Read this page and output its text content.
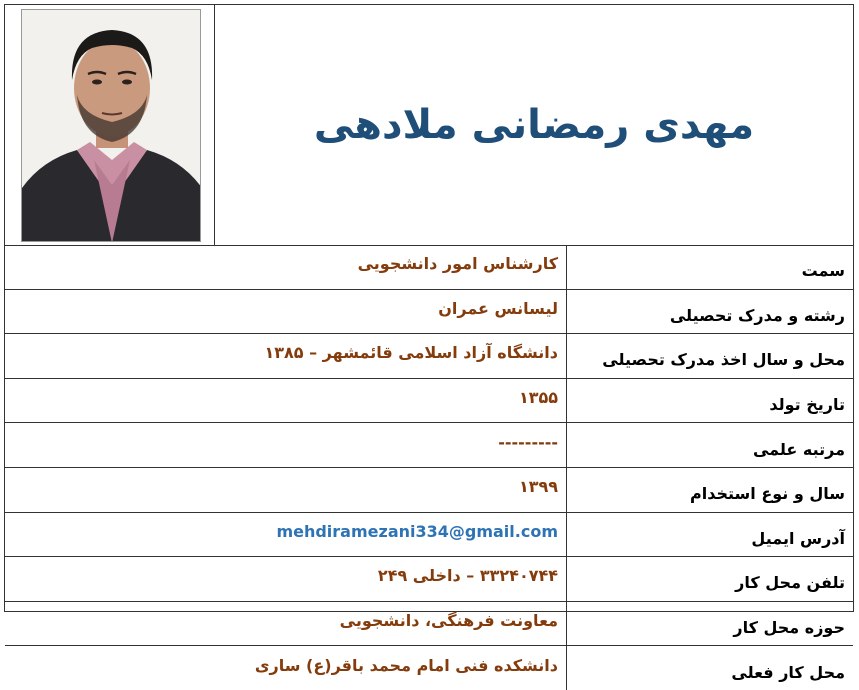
مهدی رمضانی ملادهی
سمت	کارشناس امور دانشجویی
رشته و مدرک تحصیلی	لیسانس عمران
محل و سال اخذ مدرک تحصیلی	دانشگاه آزاد اسلامی قائمشهر – ۱۳۸۵
تاریخ تولد	۱۳۵۵
مرتبه علمی	---------
سال و نوع استخدام	۱۳۹۹
آدرس ایمیل	mehdiramezani334@gmail.com
تلفن محل کار	۳۳۲۴۰۷۴۴ – داخلی ۲۴۹
حوزه محل کار	معاونت فرهنگی، دانشجویی
محل کار فعلی	دانشکده فنی امام محمد باقر(ع) ساری
